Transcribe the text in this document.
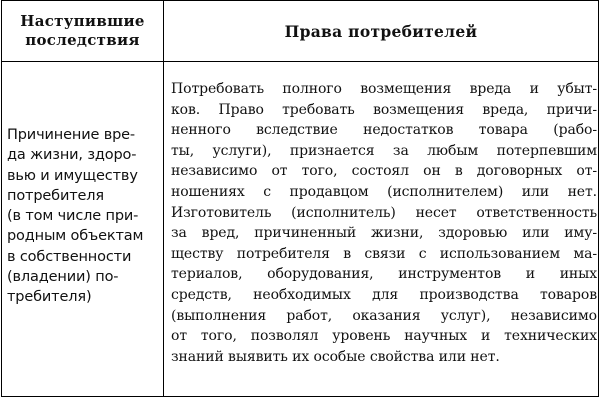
Наступившие
последствия	Права потребителей
Причинение вре-
да жизни, здоро-
вью и имуществу
потребителя
(в том числе при-
родным объектам
в собственности
(владении) по-
требителя)
Потребовать полного возмещения вреда и убыт-
ков. Право требовать возмещения вреда, причи-
ненного вследствие недостатков товара (рабо-
ты, услуги), признается за любым потерпевшим
независимо от того, состоял он в договорных от-
ношениях с продавцом (исполнителем) или нет.
Изготовитель (исполнитель) несет ответственность
за вред, причиненный жизни, здоровью или иму-
ществу потребителя в связи с использованием ма-
териалов, оборудования, инструментов и иных
средств, необходимых для производства товаров
(выполнения работ, оказания услуг), независимо
от того, позволял уровень научных и технических
знаний выявить их особые свойства или нет.
